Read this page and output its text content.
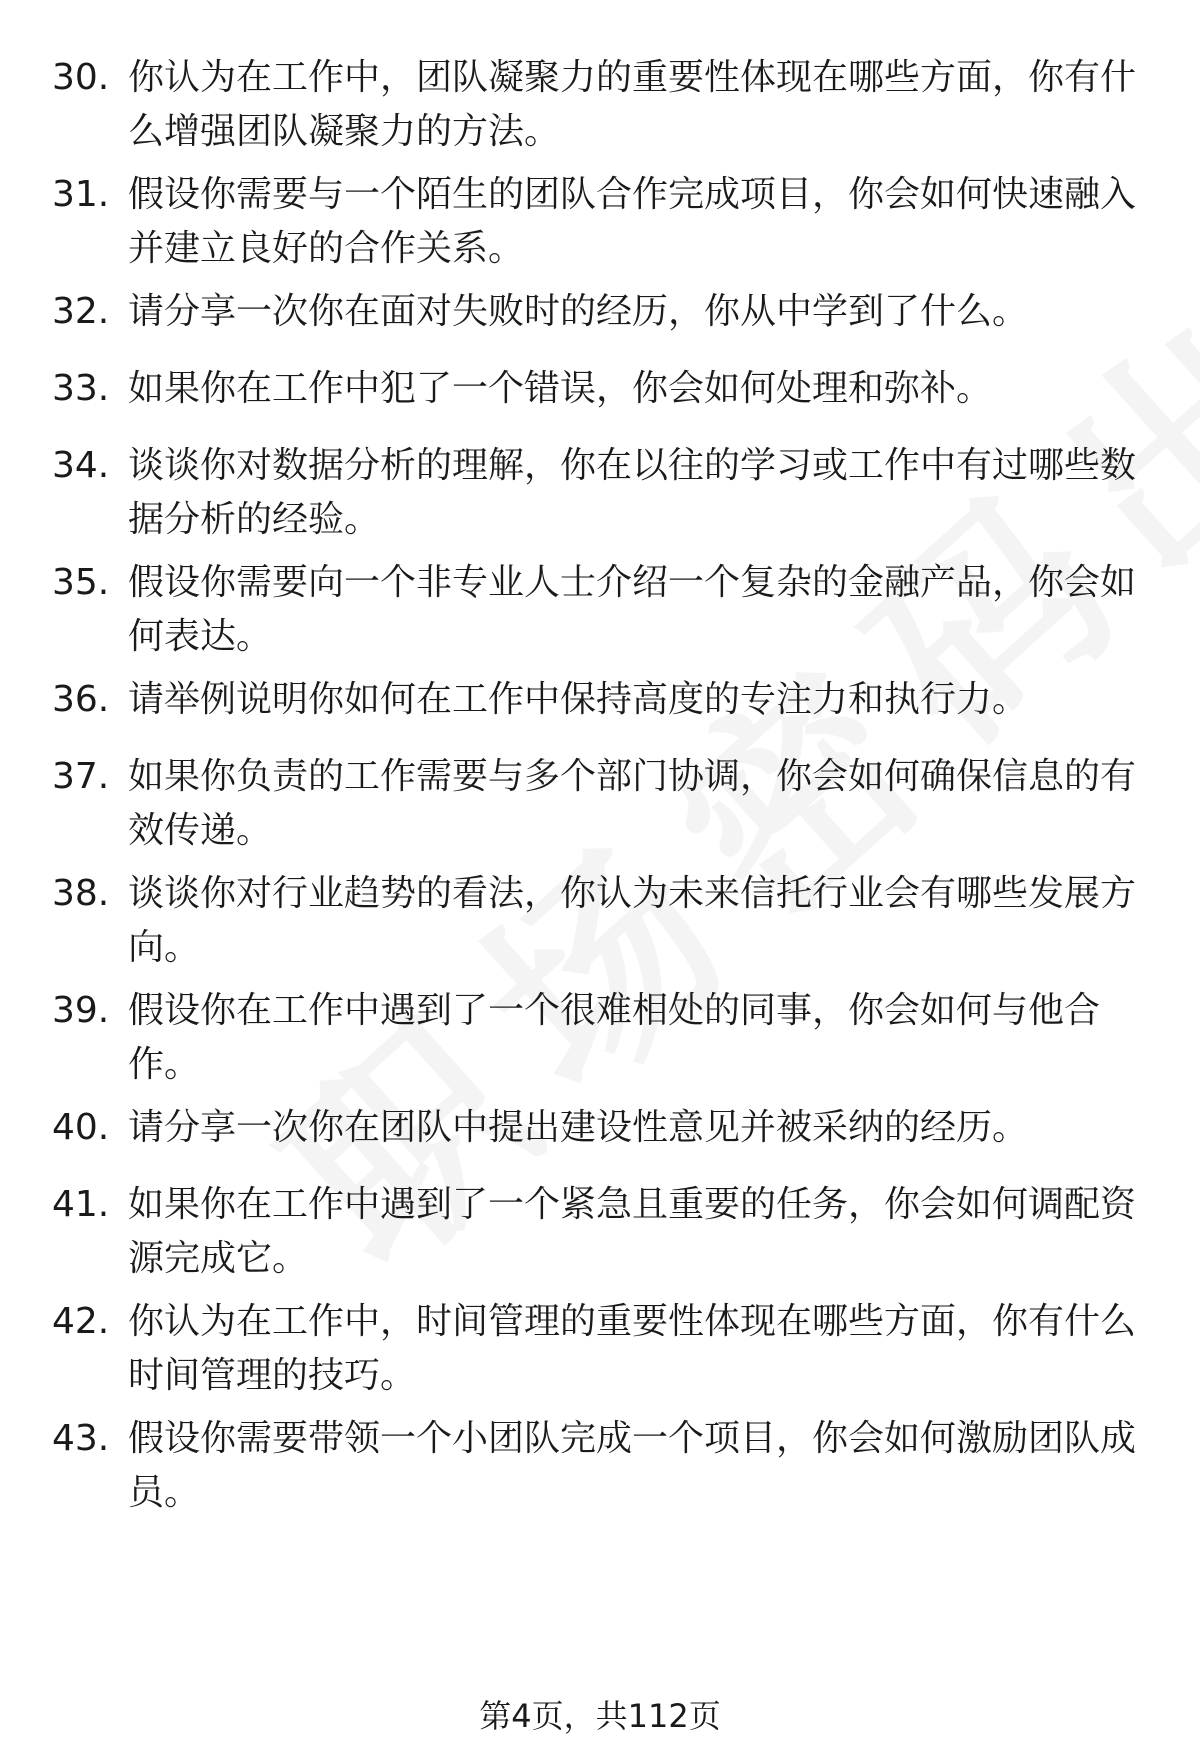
30. 你认为在工作中，团队凝聚力的重要性体现在哪些方面，你有什
么增强团队凝聚力的方法。
31. 假设你需要与一个陌生的团队合作完成项目，你会如何快速融入
并建立良好的合作关系。
32. 请分享一次你在面对失败时的经历，你从中学到了什么。
33. 如果你在工作中犯了一个错误，你会如何处理和弥补。
34. 谈谈你对数据分析的理解，你在以往的学习或工作中有过哪些数
据分析的经验。
35. 假设你需要向一个非专业人士介绍一个复杂的金融产品，你会如
何表达。
36. 请举例说明你如何在工作中保持高度的专注力和执行力。
37. 如果你负责的工作需要与多个部门协调，你会如何确保信息的有
效传递。
38. 谈谈你对行业趋势的看法，你认为未来信托行业会有哪些发展方
向。
39. 假设你在工作中遇到了一个很难相处的同事，你会如何与他合
作。
40. 请分享一次你在团队中提出建设性意见并被采纳的经历。
41. 如果你在工作中遇到了一个紧急且重要的任务，你会如何调配资
源完成它。
42. 你认为在工作中，时间管理的重要性体现在哪些方面，你有什么
时间管理的技巧。
43. 假设你需要带领一个小团队完成一个项目，你会如何激励团队成
员。
第4页，共112页
